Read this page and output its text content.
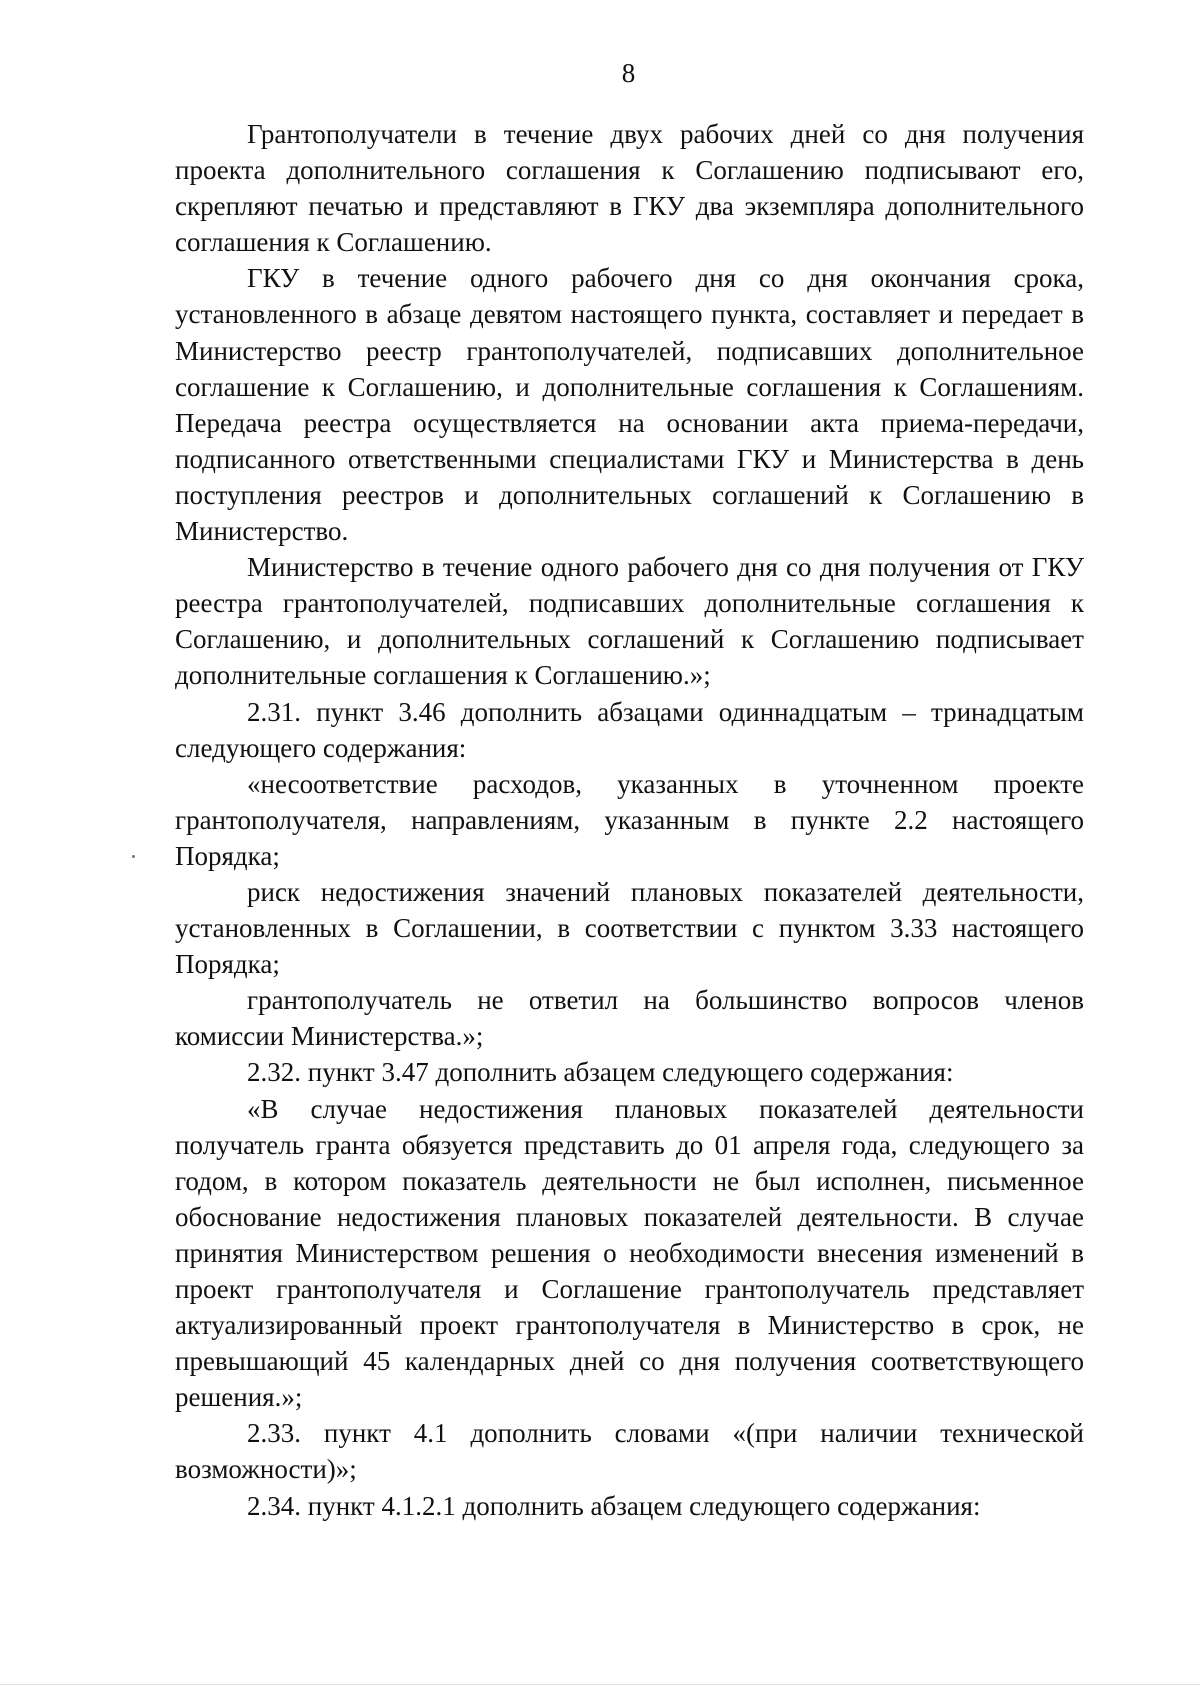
8

Грантополучатели в течение двух рабочих дней со дня получения проекта дополнительного соглашения к Соглашению подписывают его, скрепляют печатью и представляют в ГКУ два экземпляра дополнительного соглашения к Соглашению.

ГКУ в течение одного рабочего дня со дня окончания срока, установленного в абзаце девятом настоящего пункта, составляет и передает в Министерство реестр грантополучателей, подписавших дополнительное соглашение к Соглашению, и дополнительные соглашения к Соглашениям. Передача реестра осуществляется на основании акта приема-передачи, подписанного ответственными специалистами ГКУ и Министерства в день поступления реестров и дополнительных соглашений к Соглашению в Министерство.

Министерство в течение одного рабочего дня со дня получения от ГКУ реестра грантополучателей, подписавших дополнительные соглашения к Соглашению, и дополнительных соглашений к Соглашению подписывает дополнительные соглашения к Соглашению.»;

2.31. пункт 3.46 дополнить абзацами одиннадцатым – тринадцатым следующего содержания:

«несоответствие расходов, указанных в уточненном проекте грантополучателя, направлениям, указанным в пункте 2.2 настоящего Порядка;

риск недостижения значений плановых показателей деятельности, установленных в Соглашении, в соответствии с пунктом 3.33 настоящего Порядка;

грантополучатель не ответил на большинство вопросов членов комиссии Министерства.»;

2.32. пункт 3.47 дополнить абзацем следующего содержания:

«В случае недостижения плановых показателей деятельности получатель гранта обязуется представить до 01 апреля года, следующего за годом, в котором показатель деятельности не был исполнен, письменное обоснование недостижения плановых показателей деятельности. В случае принятия Министерством решения о необходимости внесения изменений в проект грантополучателя и Соглашение грантополучатель представляет актуализированный проект грантополучателя в Министерство в срок, не превышающий 45 календарных дней со дня получения соответствующего решения.»;

2.33. пункт 4.1 дополнить словами «(при наличии технической возможности)»;

2.34. пункт 4.1.2.1 дополнить абзацем следующего содержания:
